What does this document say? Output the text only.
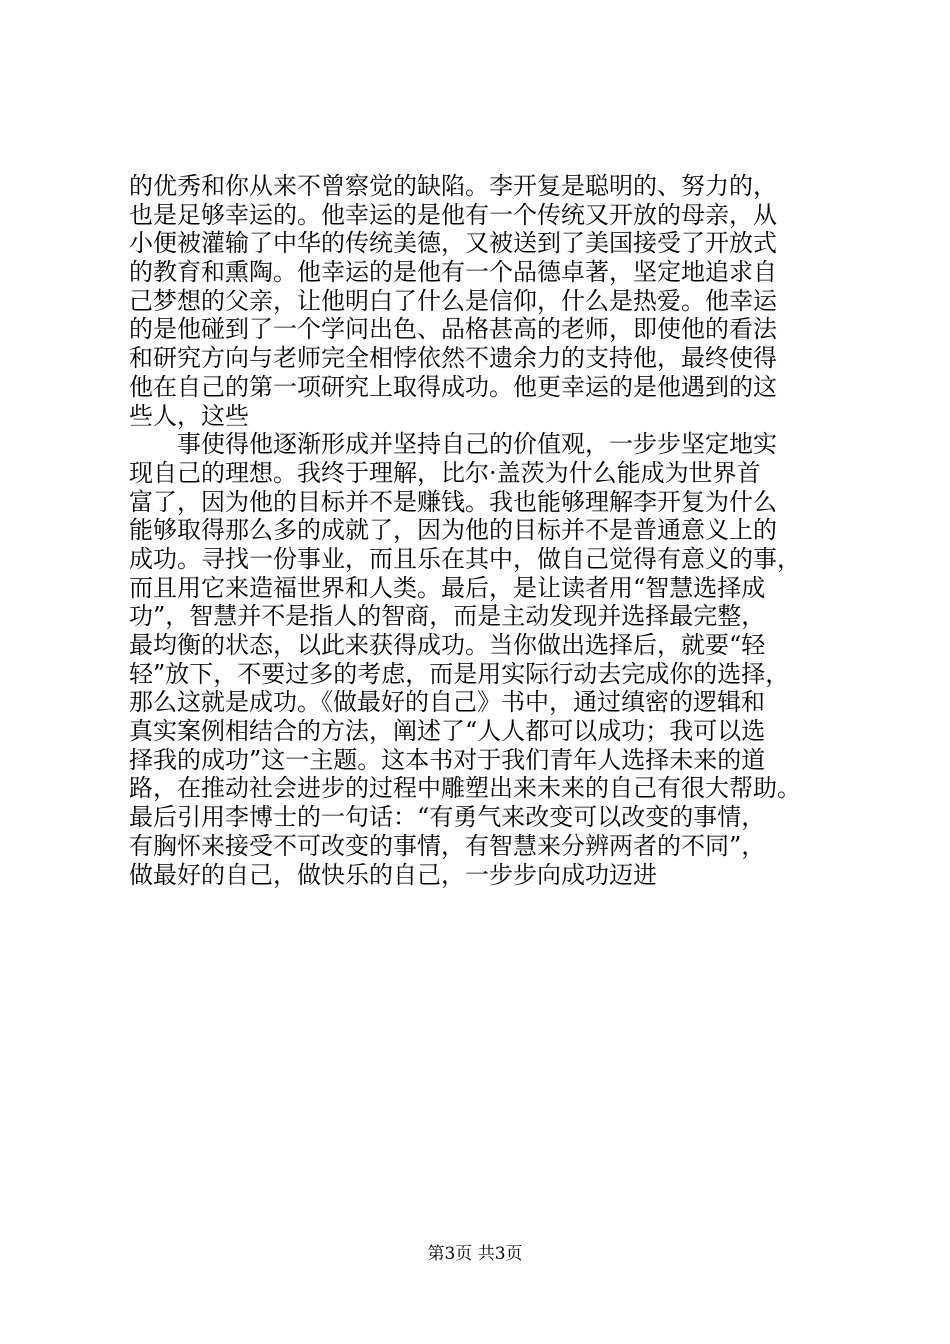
的优秀和你从来不曾察觉的缺陷。李开复是聪明的、努力的，
也是足够幸运的。他幸运的是他有一个传统又开放的母亲，从
小便被灌输了中华的传统美德，又被送到了美国接受了开放式
的教育和熏陶。他幸运的是他有一个品德卓著，坚定地追求自
己梦想的父亲，让他明白了什么是信仰，什么是热爱。他幸运
的是他碰到了一个学问出色、品格甚高的老师，即使他的看法
和研究方向与老师完全相悖依然不遗余力的支持他，最终使得
他在自己的第一项研究上取得成功。他更幸运的是他遇到的这
些人，这些
事使得他逐渐形成并坚持自己的价值观，一步步坚定地实
现自己的理想。我终于理解，比尔·盖茨为什么能成为世界首
富了，因为他的目标并不是赚钱。我也能够理解李开复为什么
能够取得那么多的成就了，因为他的目标并不是普通意义上的
成功。寻找一份事业，而且乐在其中，做自己觉得有意义的事，
而且用它来造福世界和人类。最后，是让读者用“智慧选择成
功”，智慧并不是指人的智商，而是主动发现并选择最完整，
最均衡的状态，以此来获得成功。当你做出选择后，就要“轻
轻”放下，不要过多的考虑，而是用实际行动去完成你的选择，
那么这就是成功。《做最好的自己》书中，通过缜密的逻辑和
真实案例相结合的方法，阐述了“人人都可以成功；我可以选
择我的成功”这一主题。这本书对于我们青年人选择未来的道
路，在推动社会进步的过程中雕塑出来未来的自己有很大帮助。
最后引用李博士的一句话：“有勇气来改变可以改变的事情，
有胸怀来接受不可改变的事情，有智慧来分辨两者的不同”，
做最好的自己，做快乐的自己，一步步向成功迈进
第3页 共3页
